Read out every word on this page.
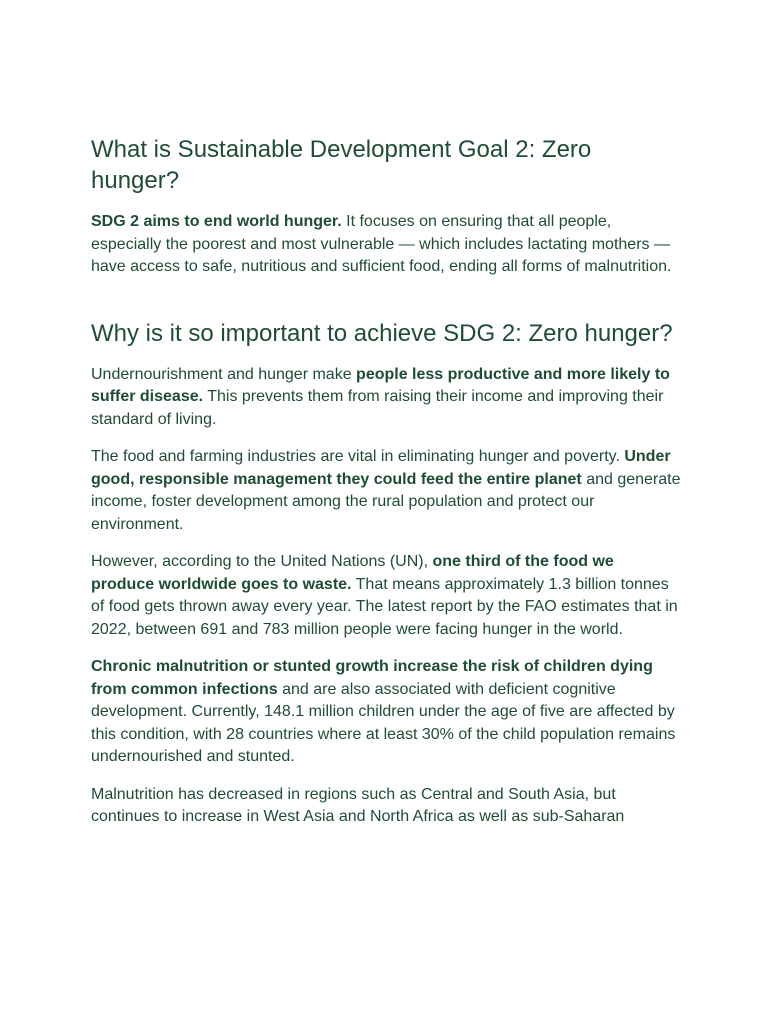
What is Sustainable Development Goal 2: Zero hunger?

SDG 2 aims to end world hunger. It focuses on ensuring that all people, especially the poorest and most vulnerable — which includes lactating mothers — have access to safe, nutritious and sufficient food, ending all forms of malnutrition.

Why is it so important to achieve SDG 2: Zero hunger?

Undernourishment and hunger make people less productive and more likely to suffer disease. This prevents them from raising their income and improving their standard of living.

The food and farming industries are vital in eliminating hunger and poverty. Under good, responsible management they could feed the entire planet and generate income, foster development among the rural population and protect our environment.

However, according to the United Nations (UN), one third of the food we produce worldwide goes to waste. That means approximately 1.3 billion tonnes of food gets thrown away every year. The latest report by the FAO estimates that in 2022, between 691 and 783 million people were facing hunger in the world.

Chronic malnutrition or stunted growth increase the risk of children dying from common infections and are also associated with deficient cognitive development. Currently, 148.1 million children under the age of five are affected by this condition, with 28 countries where at least 30% of the child population remains undernourished and stunted.

Malnutrition has decreased in regions such as Central and South Asia, but continues to increase in West Asia and North Africa as well as sub-Saharan
